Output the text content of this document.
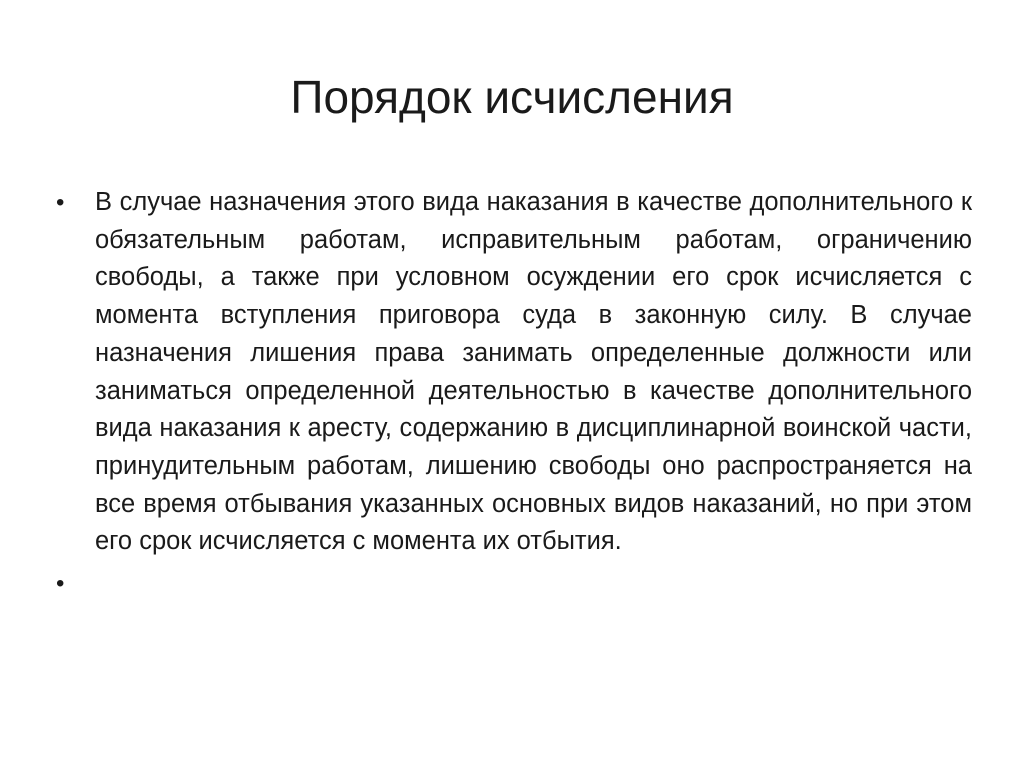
Порядок исчисления
•	В случае назначения этого вида наказания в качестве дополнительного к обязательным работам, исправительным работам, ограничению свободы, а также при условном осуждении его срок исчисляется с момента вступления приговора суда в законную силу. В случае назначения лишения права занимать определенные должности или заниматься определенной деятельностью в качестве дополнительного вида наказания к аресту, содержанию в дисциплинарной воинской части, принудительным работам, лишению свободы оно распространяется на все время отбывания указанных основных видов наказаний, но при этом его срок исчисляется с момента их отбытия.
•
